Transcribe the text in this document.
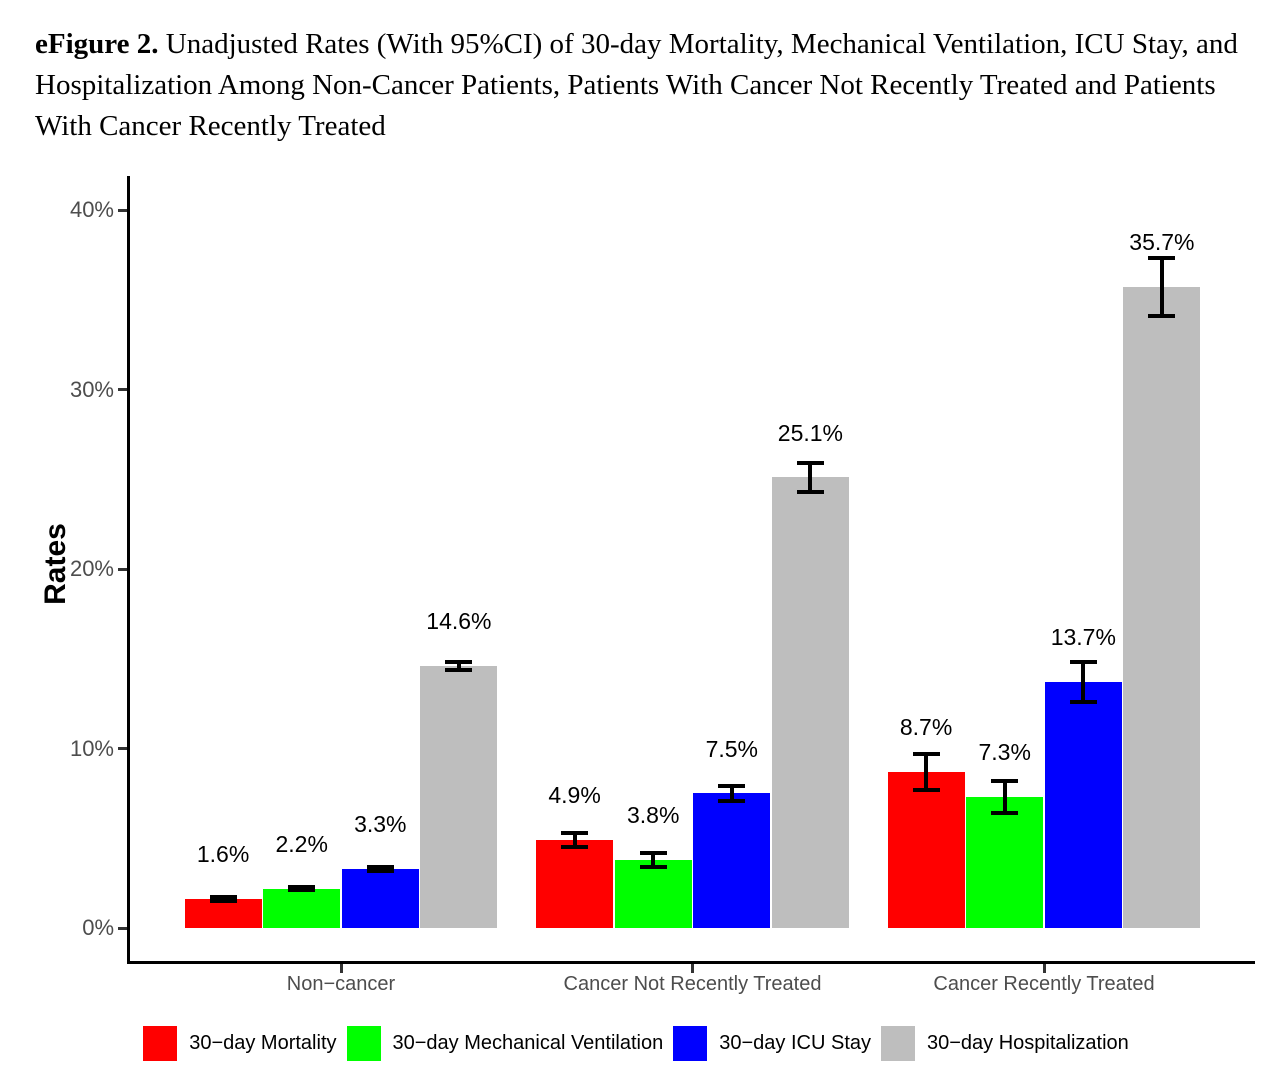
eFigure 2. Unadjusted Rates (With 95%CI) of 30-day Mortality, Mechanical Ventilation, ICU Stay, and Hospitalization Among Non-Cancer Patients, Patients With Cancer Not Recently Treated and Patients With Cancer Recently Treated
Rates
0%
10%
20%
30%
40%
Non−cancer	Cancer Not Recently Treated	Cancer Recently Treated
1.6%
4.9%
8.7%
2.2%
3.8%
7.3%
3.3%
7.5%
13.7%
14.6%
25.1%
35.7%
30−day Mortality	30−day Mechanical Ventilation	30−day ICU Stay	30−day Hospitalization
